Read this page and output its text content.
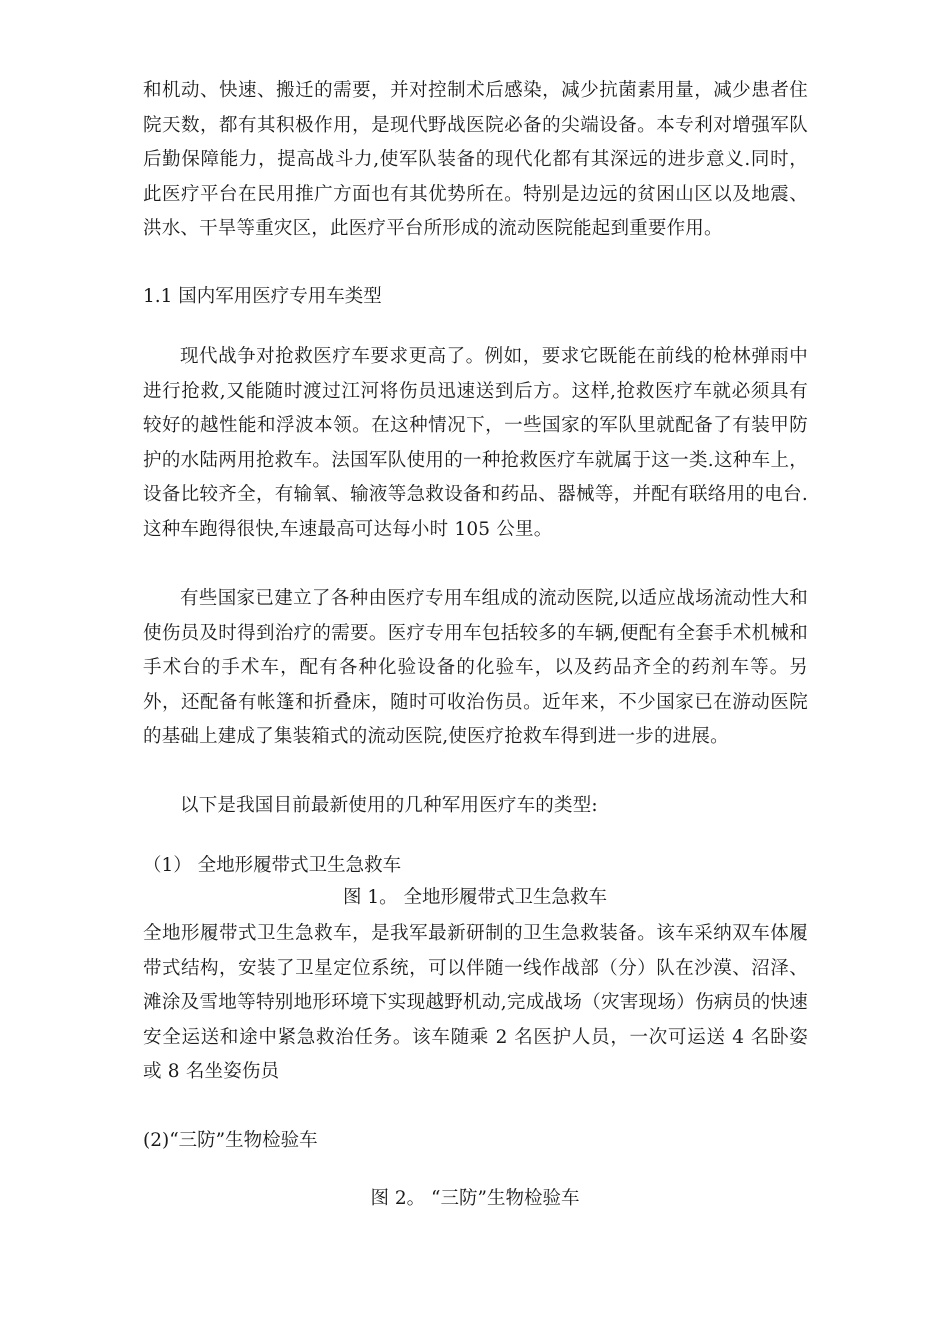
和机动、快速、搬迁的需要，并对控制术后感染，减少抗菌素用量，减少患者住院天数，都有其积极作用，是现代野战医院必备的尖端设备。本专利对增强军队后勤保障能力，提高战斗力,使军队装备的现代化都有其深远的进步意义.同时，此医疗平台在民用推广方面也有其优势所在。特别是边远的贫困山区以及地震、洪水、干旱等重灾区，此医疗平台所形成的流动医院能起到重要作用。

1.1 国内军用医疗专用车类型

现代战争对抢救医疗车要求更高了。例如，要求它既能在前线的枪林弹雨中进行抢救,又能随时渡过江河将伤员迅速送到后方。这样,抢救医疗车就必须具有较好的越性能和浮波本领。在这种情况下，一些国家的军队里就配备了有装甲防护的水陆两用抢救车。法国军队使用的一种抢救医疗车就属于这一类.这种车上，设备比较齐全，有输氧、输液等急救设备和药品、器械等，并配有联络用的电台.这种车跑得很快,车速最高可达每小时 105 公里。

有些国家已建立了各种由医疗专用车组成的流动医院,以适应战场流动性大和使伤员及时得到治疗的需要。医疗专用车包括较多的车辆,便配有全套手术机械和手术台的手术车，配有各种化验设备的化验车，以及药品齐全的药剂车等。另外，还配备有帐篷和折叠床，随时可收治伤员。近年来，不少国家已在游动医院的基础上建成了集装箱式的流动医院,使医疗抢救车得到进一步的进展。

以下是我国目前最新使用的几种军用医疗车的类型:

（1） 全地形履带式卫生急救车

图 1。 全地形履带式卫生急救车

全地形履带式卫生急救车，是我军最新研制的卫生急救装备。该车采纳双车体履带式结构，安装了卫星定位系统，可以伴随一线作战部（分）队在沙漠、沼泽、滩涂及雪地等特别地形环境下实现越野机动,完成战场（灾害现场）伤病员的快速安全运送和途中紧急救治任务。该车随乘 2 名医护人员，一次可运送 4 名卧姿或 8 名坐姿伤员

(2)“三防”生物检验车

图 2。 “三防”生物检验车
